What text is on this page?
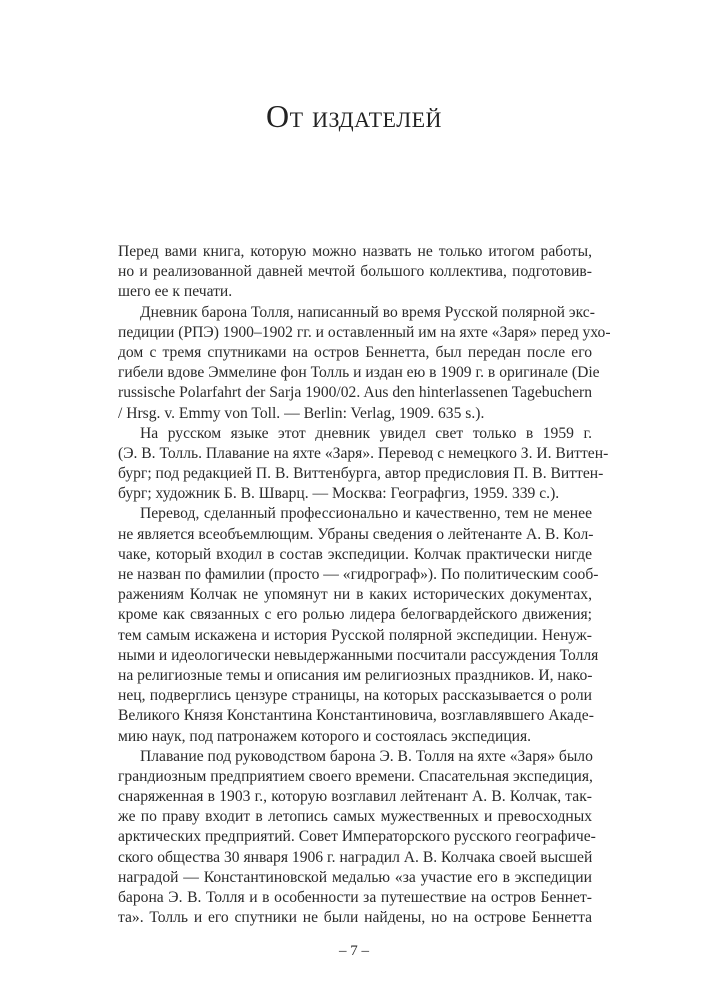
От издателей
Перед вами книга, которую можно назвать не только итогом работы,
но и реализованной давней мечтой большого коллектива, подготовив-
шего ее к печати.
Дневник барона Толля, написанный во время Русской полярной экс-
педиции (РПЭ) 1900–1902 гг. и оставленный им на яхте «Заря» перед ухо-
дом с тремя спутниками на остров Беннетта, был передан после его
гибели вдове Эммелине фон Толль и издан ею в 1909 г. в оригинале (Die
russische Polarfahrt der Sarja 1900/02. Aus den hinterlassenen Tagebuchern
/ Hrsg. v. Emmy von Toll. — Berlin: Verlag, 1909. 635 s.).
На русском языке этот дневник увидел свет только в 1959 г.
(Э. В. Толль. Плавание на яхте «Заря». Перевод с немецкого З. И. Виттен-
бург; под редакцией П. В. Виттенбурга, автор предисловия П. В. Виттен-
бург; художник Б. В. Шварц. — Москва: Географгиз, 1959. 339 с.).
Перевод, сделанный профессионально и качественно, тем не менее
не является всеобъемлющим. Убраны сведения о лейтенанте А. В. Кол-
чаке, который входил в состав экспедиции. Колчак практически нигде
не назван по фамилии (просто — «гидрограф»). По политическим сооб-
ражениям Колчак не упомянут ни в каких исторических документах,
кроме как связанных с его ролью лидера белогвардейского движения;
тем самым искажена и история Русской полярной экспедиции. Ненуж-
ными и идеологически невыдержанными посчитали рассуждения Толля
на религиозные темы и описания им религиозных праздников. И, нако-
нец, подверглись цензуре страницы, на которых рассказывается о роли
Великого Князя Константина Константиновича, возглавлявшего Акаде-
мию наук, под патронажем которого и состоялась экспедиция.
Плавание под руководством барона Э. В. Толля на яхте «Заря» было
грандиозным предприятием своего времени. Спасательная экспедиция,
снаряженная в 1903 г., которую возглавил лейтенант А. В. Колчак, так-
же по праву входит в летопись самых мужественных и превосходных
арктических предприятий. Совет Императорского русского географиче-
ского общества 30 января 1906 г. наградил А. В. Колчака своей высшей
наградой — Константиновской медалью «за участие его в экспедиции
барона Э. В. Толля и в особенности за путешествие на остров Беннет-
та». Толль и его спутники не были найдены, но на острове Беннетта
– 7 –
